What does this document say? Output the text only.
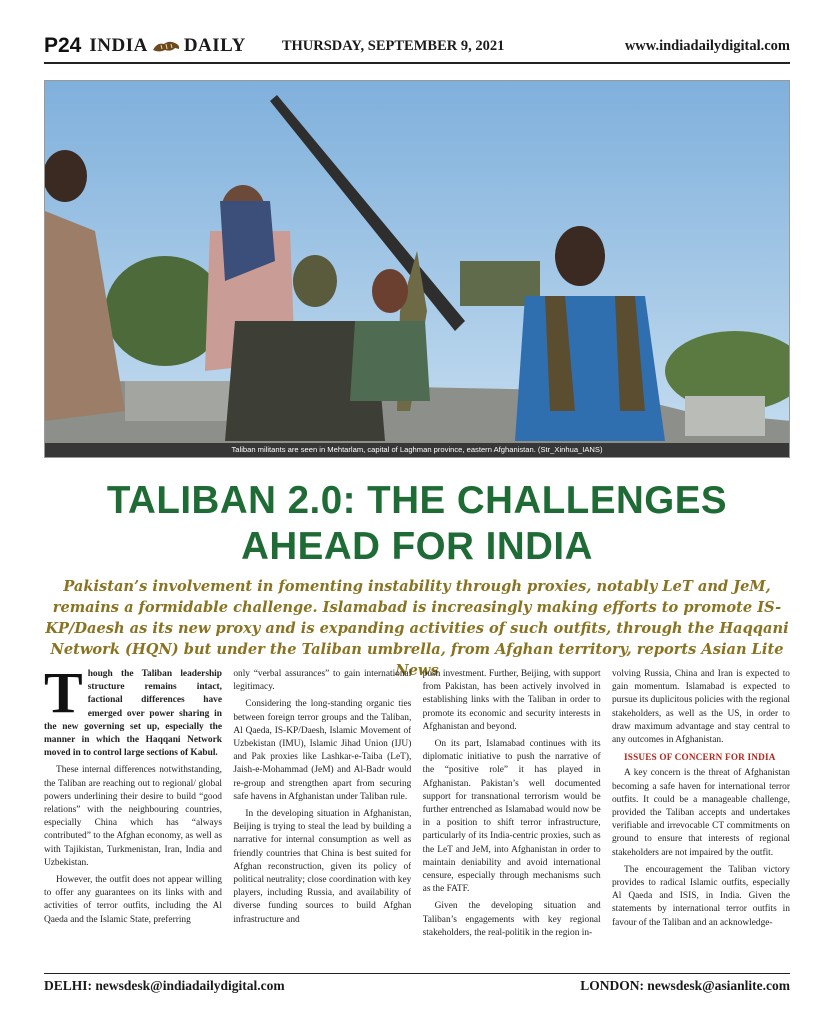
P24 INDIA DAILY THURSDAY, SEPTEMBER 9, 2021	www.indiadailydigital.com
Taliban militants are seen in Mehtarlam, capital of Laghman province, eastern Afghanistan. (Str_Xinhua_IANS)
TALIBAN 2.0: THE CHALLENGES
AHEAD FOR INDIA
Pakistan’s involvement in fomenting instability through proxies, notably LeT and JeM, remains a formidable challenge. Islamabad is increasingly making efforts to promote IS-KP/Daesh as its new proxy and is expanding activities of such outfits, through the Haqqani Network (HQN) but under the Taliban umbrella, from Afghan territory, reports Asian Lite News

Though the Taliban leadership structure remains intact, factional differences have emerged over power sharing in the new governing set up, especially the manner in which the Haqqani Network moved in to control large sections of Kabul.

These internal differences notwithstanding, the Taliban are reaching out to regional/ global powers underlining their desire to build “good relations” with the neighbouring countries, especially China which has “always contributed” to the Afghan economy, as well as with Tajikistan, Turkmenistan, Iran, India and Uzbekistan.

However, the outfit does not appear willing to offer any guarantees on its links with and activities of terror outfits, including the Al Qaeda and the Islamic State, preferring

only “verbal assurances” to gain international legitimacy.

Considering the long-standing organic ties between foreign terror groups and the Taliban, Al Qaeda, IS-KP/Daesh, Islamic Movement of Uzbekistan (IMU), Islamic Jihad Union (IJU) and Pak proxies like Lashkar-e-Taiba (LeT), Jaish-e-Mohammad (JeM) and Al-Badr would re-group and strengthen apart from securing safe havens in Afghanistan under Taliban rule.

In the developing situation in Afghanistan, Beijing is trying to steal the lead by building a narrative for internal consumption as well as friendly countries that China is best suited for Afghan reconstruction, given its policy of political neutrality; close coordination with key players, including Russia, and availability of diverse funding sources to build Afghan infrastructure and

push investment. Further, Beijing, with support from Pakistan, has been actively involved in establishing links with the Taliban in order to promote its economic and security interests in Afghanistan and beyond.

On its part, Islamabad continues with its diplomatic initiative to push the narrative of the “positive role” it has played in Afghanistan. Pakistan’s well documented support for transnational terrorism would be further entrenched as Islamabad would now be in a position to shift terror infrastructure, particularly of its India-centric proxies, such as the LeT and JeM, into Afghanistan in order to maintain deniability and avoid international censure, especially through mechanisms such as the FATF.

Given the developing situation and Taliban’s engagements with key regional stakeholders, the real-politik in the region in-

volving Russia, China and Iran is expected to gain momentum. Islamabad is expected to pursue its duplicitous policies with the regional stakeholders, as well as the US, in order to draw maximum advantage and stay central to any outcomes in Afghanistan.

ISSUES OF CONCERN FOR INDIA

A key concern is the threat of Afghanistan becoming a safe haven for international terror outfits. It could be a manageable challenge, provided the Taliban accepts and undertakes verifiable and irrevocable CT commitments on ground to ensure that interests of regional stakeholders are not impaired by the outfit.

The encouragement the Taliban victory provides to radical Islamic outfits, especially Al Qaeda and ISIS, in India. Given the statements by international terror outfits in favour of the Taliban and an acknowledge-

DELHI: newsdesk@indiadailydigital.com	LONDON: newsdesk@asianlite.com
